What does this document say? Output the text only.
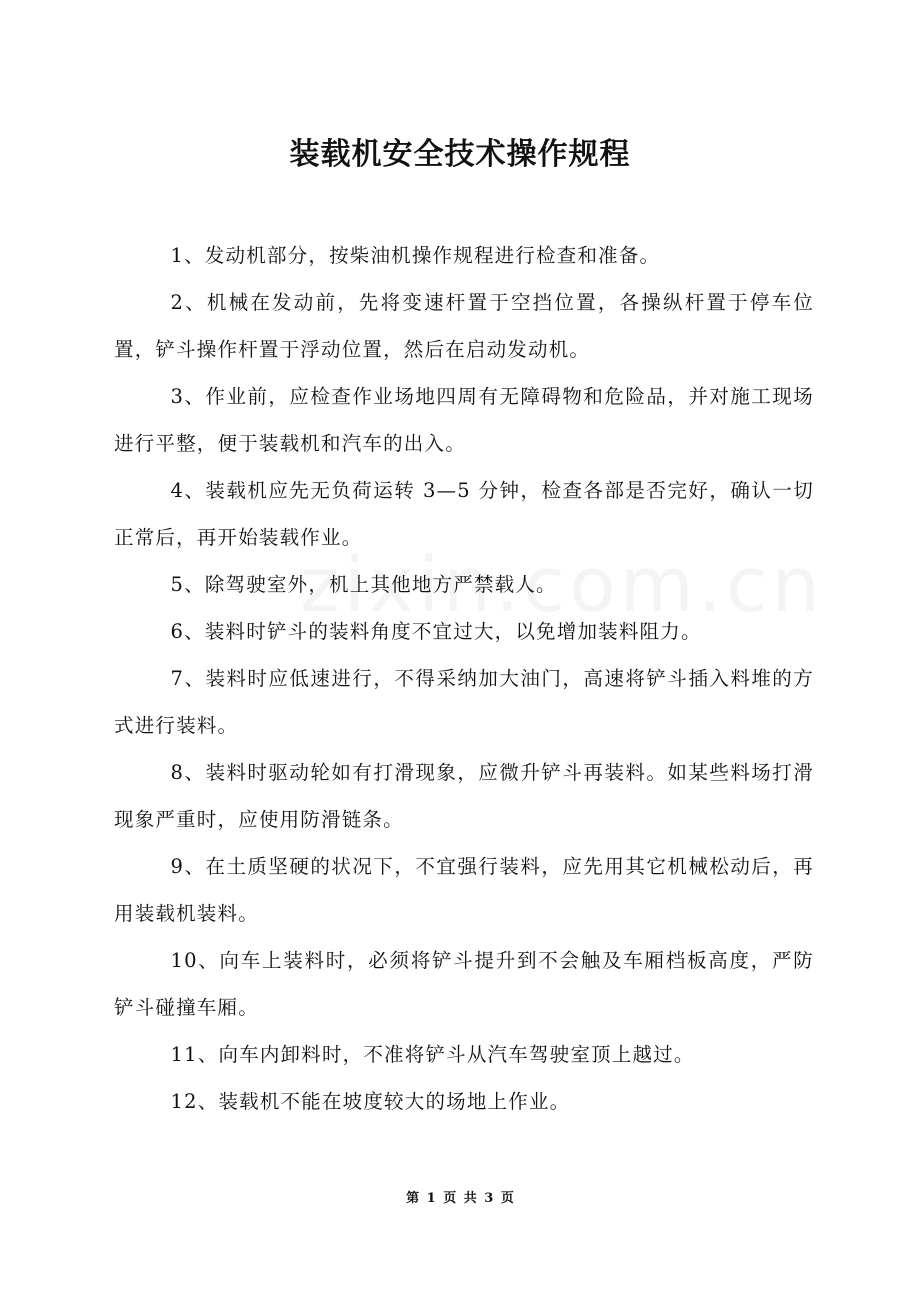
装载机安全技术操作规程

1、发动机部分，按柴油机操作规程进行检查和准备。

2、机械在发动前，先将变速杆置于空挡位置，各操纵杆置于停车位置，铲斗操作杆置于浮动位置，然后在启动发动机。

3、作业前，应检查作业场地四周有无障碍物和危险品，并对施工现场进行平整，便于装载机和汽车的出入。

4、装载机应先无负荷运转 3—5 分钟，检查各部是否完好，确认一切正常后，再开始装载作业。

5、除驾驶室外，机上其他地方严禁载人。

6、装料时铲斗的装料角度不宜过大，以免增加装料阻力。

7、装料时应低速进行，不得采纳加大油门，高速将铲斗插入料堆的方式进行装料。

8、装料时驱动轮如有打滑现象，应微升铲斗再装料。如某些料场打滑现象严重时，应使用防滑链条。

9、在土质坚硬的状况下，不宜强行装料，应先用其它机械松动后，再用装载机装料。

10、向车上装料时，必须将铲斗提升到不会触及车厢档板高度，严防铲斗碰撞车厢。

11、向车内卸料时，不准将铲斗从汽车驾驶室顶上越过。

12、装载机不能在坡度较大的场地上作业。

第 1 页 共 3 页
